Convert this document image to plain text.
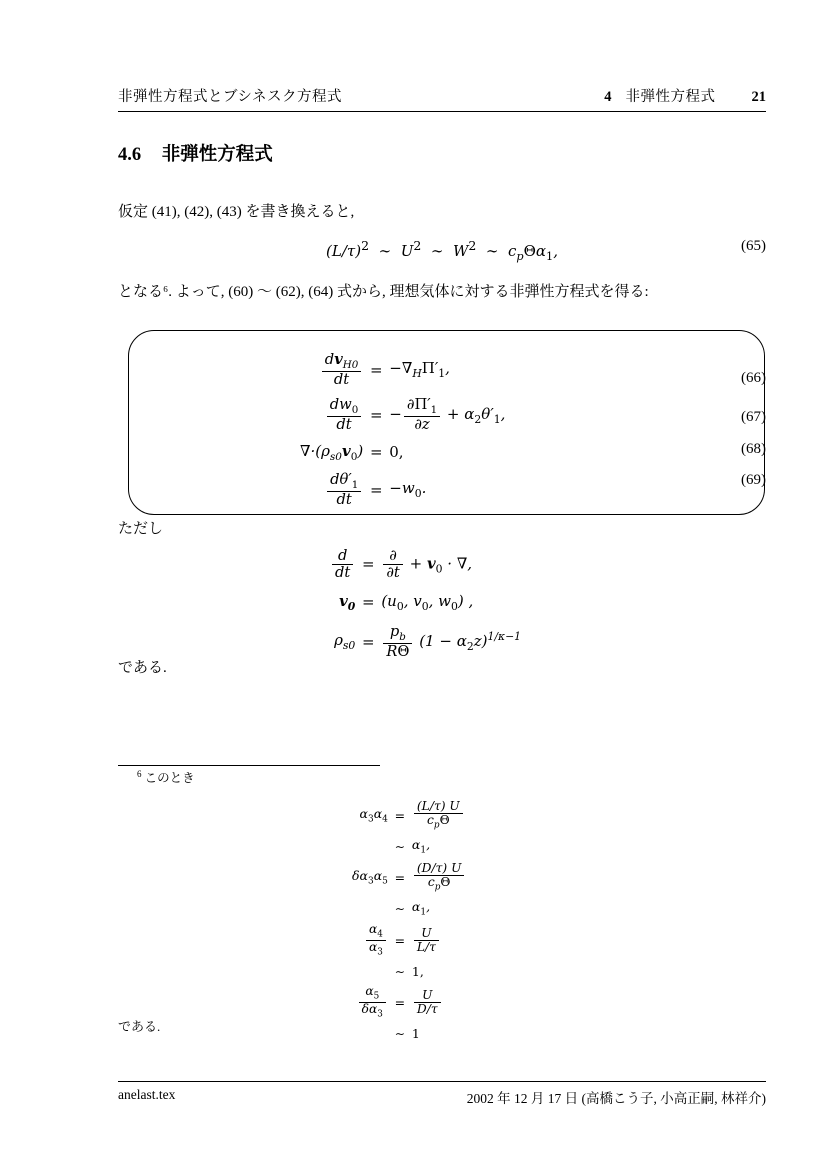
非弾性方程式とブシネスク方程式	4 非弾性方程式 21
4.6 非弾性方程式
仮定 (41), (42), (43) を書き換えると,
$(L/\tau)^2$  ∼  $U^2$  ∼  $W^2$  ∼  $c_p\Theta\alpha_1$,	(65)
となる⁶. よって, (60) 〜 (62), (64) 式から, 理想気体に対する非弾性方程式を得る:
$\frac{dv_{H0}}{dt} = -\nabla_H\Pi'_1$,
$\frac{dw_0}{dt}$ = − $\frac{\partial\Pi'_1}{\partial z} + \alpha_2\theta'_1$,
$\nabla\cdot(\rho_{s0}v_0) = 0$,
$\frac{d\theta'_1}{dt} = -w_0$.
(66)
(67)
(68)
(69)
ただし
$\frac{d}{dt} = \frac{\partial}{\partial t} + v_0$ · ∇,
$v_0 = (u_0$, $v_0$, $w_0$) ,
$\rho_{s0} = \frac{p_b}{R\Theta} (1 - \alpha_2z)^{1/\kappa-1}$
である.
$^6$ このとき
$\alpha_3\alpha_4 = \frac{(L/\tau) U}{c_p\Theta}$
∼ $\alpha_1$,
$\delta\alpha_3\alpha_5 = \frac{(D/\tau) U}{c_p\Theta}$
∼ $\alpha_1$,
$\frac{\alpha_4}{\alpha_3} = \frac{U}{L/\tau}$
∼ 1,
$\frac{\alpha_5}{\delta\alpha_3} = \frac{U}{D/\tau}$
∼ 1
である.
anelast.tex	2002 年 12 月 17 日 (高橋こう子, 小高正嗣, 林祥介)
